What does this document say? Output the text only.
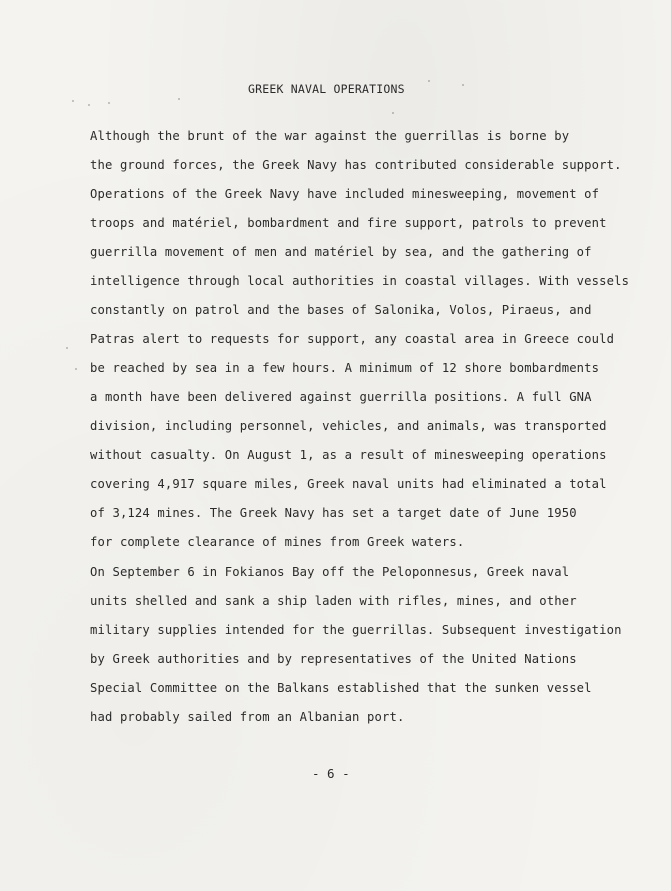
GREEK NAVAL OPERATIONS
Although the brunt of the war against the guerrillas is borne by
the ground forces, the Greek Navy has contributed considerable support.
Operations of the Greek Navy have included minesweeping, movement of
troops and matériel, bombardment and fire support, patrols to prevent
guerrilla movement of men and matériel by sea, and the gathering of
intelligence through local authorities in coastal villages. With vessels
constantly on patrol and the bases of Salonika, Volos, Piraeus, and
Patras alert to requests for support, any coastal area in Greece could
be reached by sea in a few hours. A minimum of 12 shore bombardments
a month have been delivered against guerrilla positions. A full GNA
division, including personnel, vehicles, and animals, was transported
without casualty. On August 1, as a result of minesweeping operations
covering 4,917 square miles, Greek naval units had eliminated a total
of 3,124 mines. The Greek Navy has set a target date of June 1950
for complete clearance of mines from Greek waters.
On September 6 in Fokianos Bay off the Peloponnesus, Greek naval
units shelled and sank a ship laden with rifles, mines, and other
military supplies intended for the guerrillas. Subsequent investigation
by Greek authorities and by representatives of the United Nations
Special Committee on the Balkans established that the sunken vessel
had probably sailed from an Albanian port.
- 6 -
